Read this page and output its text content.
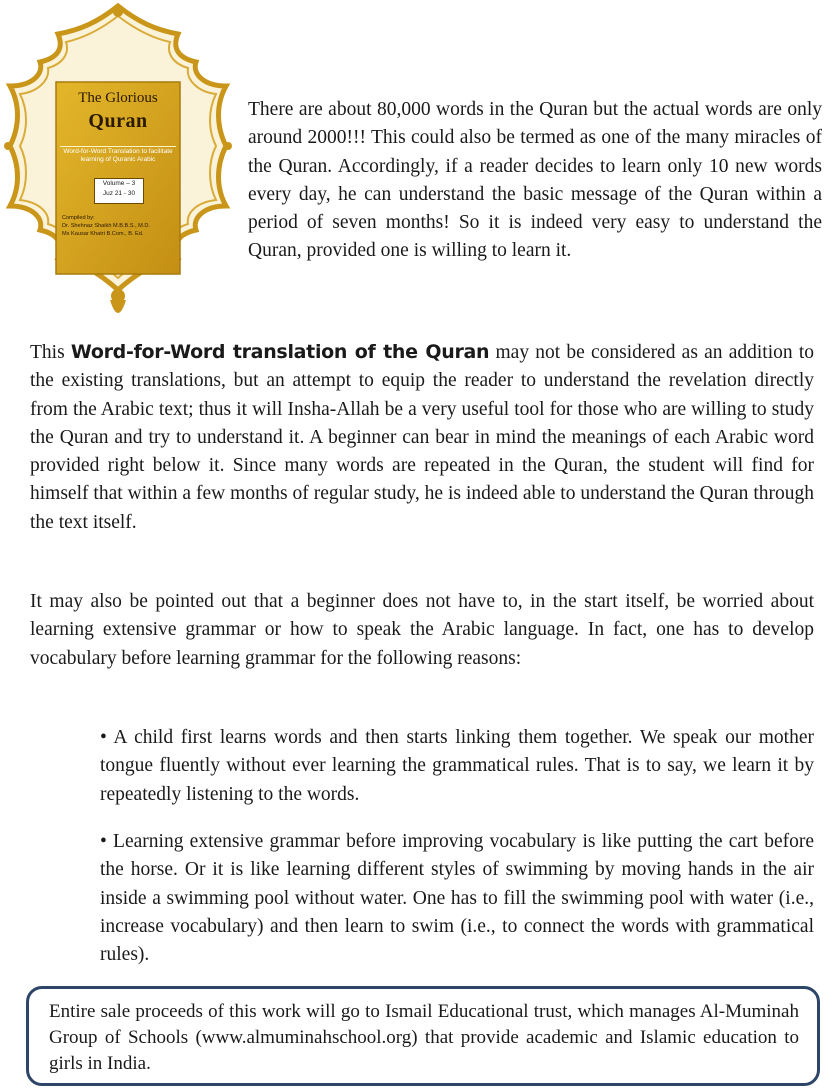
The Glorious
Quran
Word-for-Word Translation to facilitate learning of Quranic Arabic
Volume – 3
Juz 21 - 30
Compiled by:
Dr. Shehnaz Shaikh M.B.B.S., M.D.
Ms Kausar Khatri B.Com., B. Ed.

There are about 80,000 words in the Quran but the actual words are only around 2000!!! This could also be termed as one of the many miracles of the Quran. Accordingly, if a reader decides to learn only 10 new words every day, he can understand the basic message of the Quran within a period of seven months! So it is indeed very easy to understand the Quran, provided one is willing to learn it.

This Word-for-Word translation of the Quran may not be considered as an addition to the existing translations, but an attempt to equip the reader to understand the revelation directly from the Arabic text; thus it will Insha-Allah be a very useful tool for those who are willing to study the Quran and try to understand it. A beginner can bear in mind the meanings of each Arabic word provided right below it. Since many words are repeated in the Quran, the student will find for himself that within a few months of regular study, he is indeed able to understand the Quran through the text itself.

It may also be pointed out that a beginner does not have to, in the start itself, be worried about learning extensive grammar or how to speak the Arabic language. In fact, one has to develop vocabulary before learning grammar for the following reasons:

• A child first learns words and then starts linking them together. We speak our mother tongue fluently without ever learning the grammatical rules. That is to say, we learn it by repeatedly listening to the words.

• Learning extensive grammar before improving vocabulary is like putting the cart before the horse. Or it is like learning different styles of swimming by moving hands in the air inside a swimming pool without water. One has to fill the swimming pool with water (i.e., increase vocabulary) and then learn to swim (i.e., to connect the words with grammatical rules).

Entire sale proceeds of this work will go to Ismail Educational trust, which manages Al-Muminah Group of Schools (www.almuminahschool.org) that provide academic and Islamic education to girls in India.
